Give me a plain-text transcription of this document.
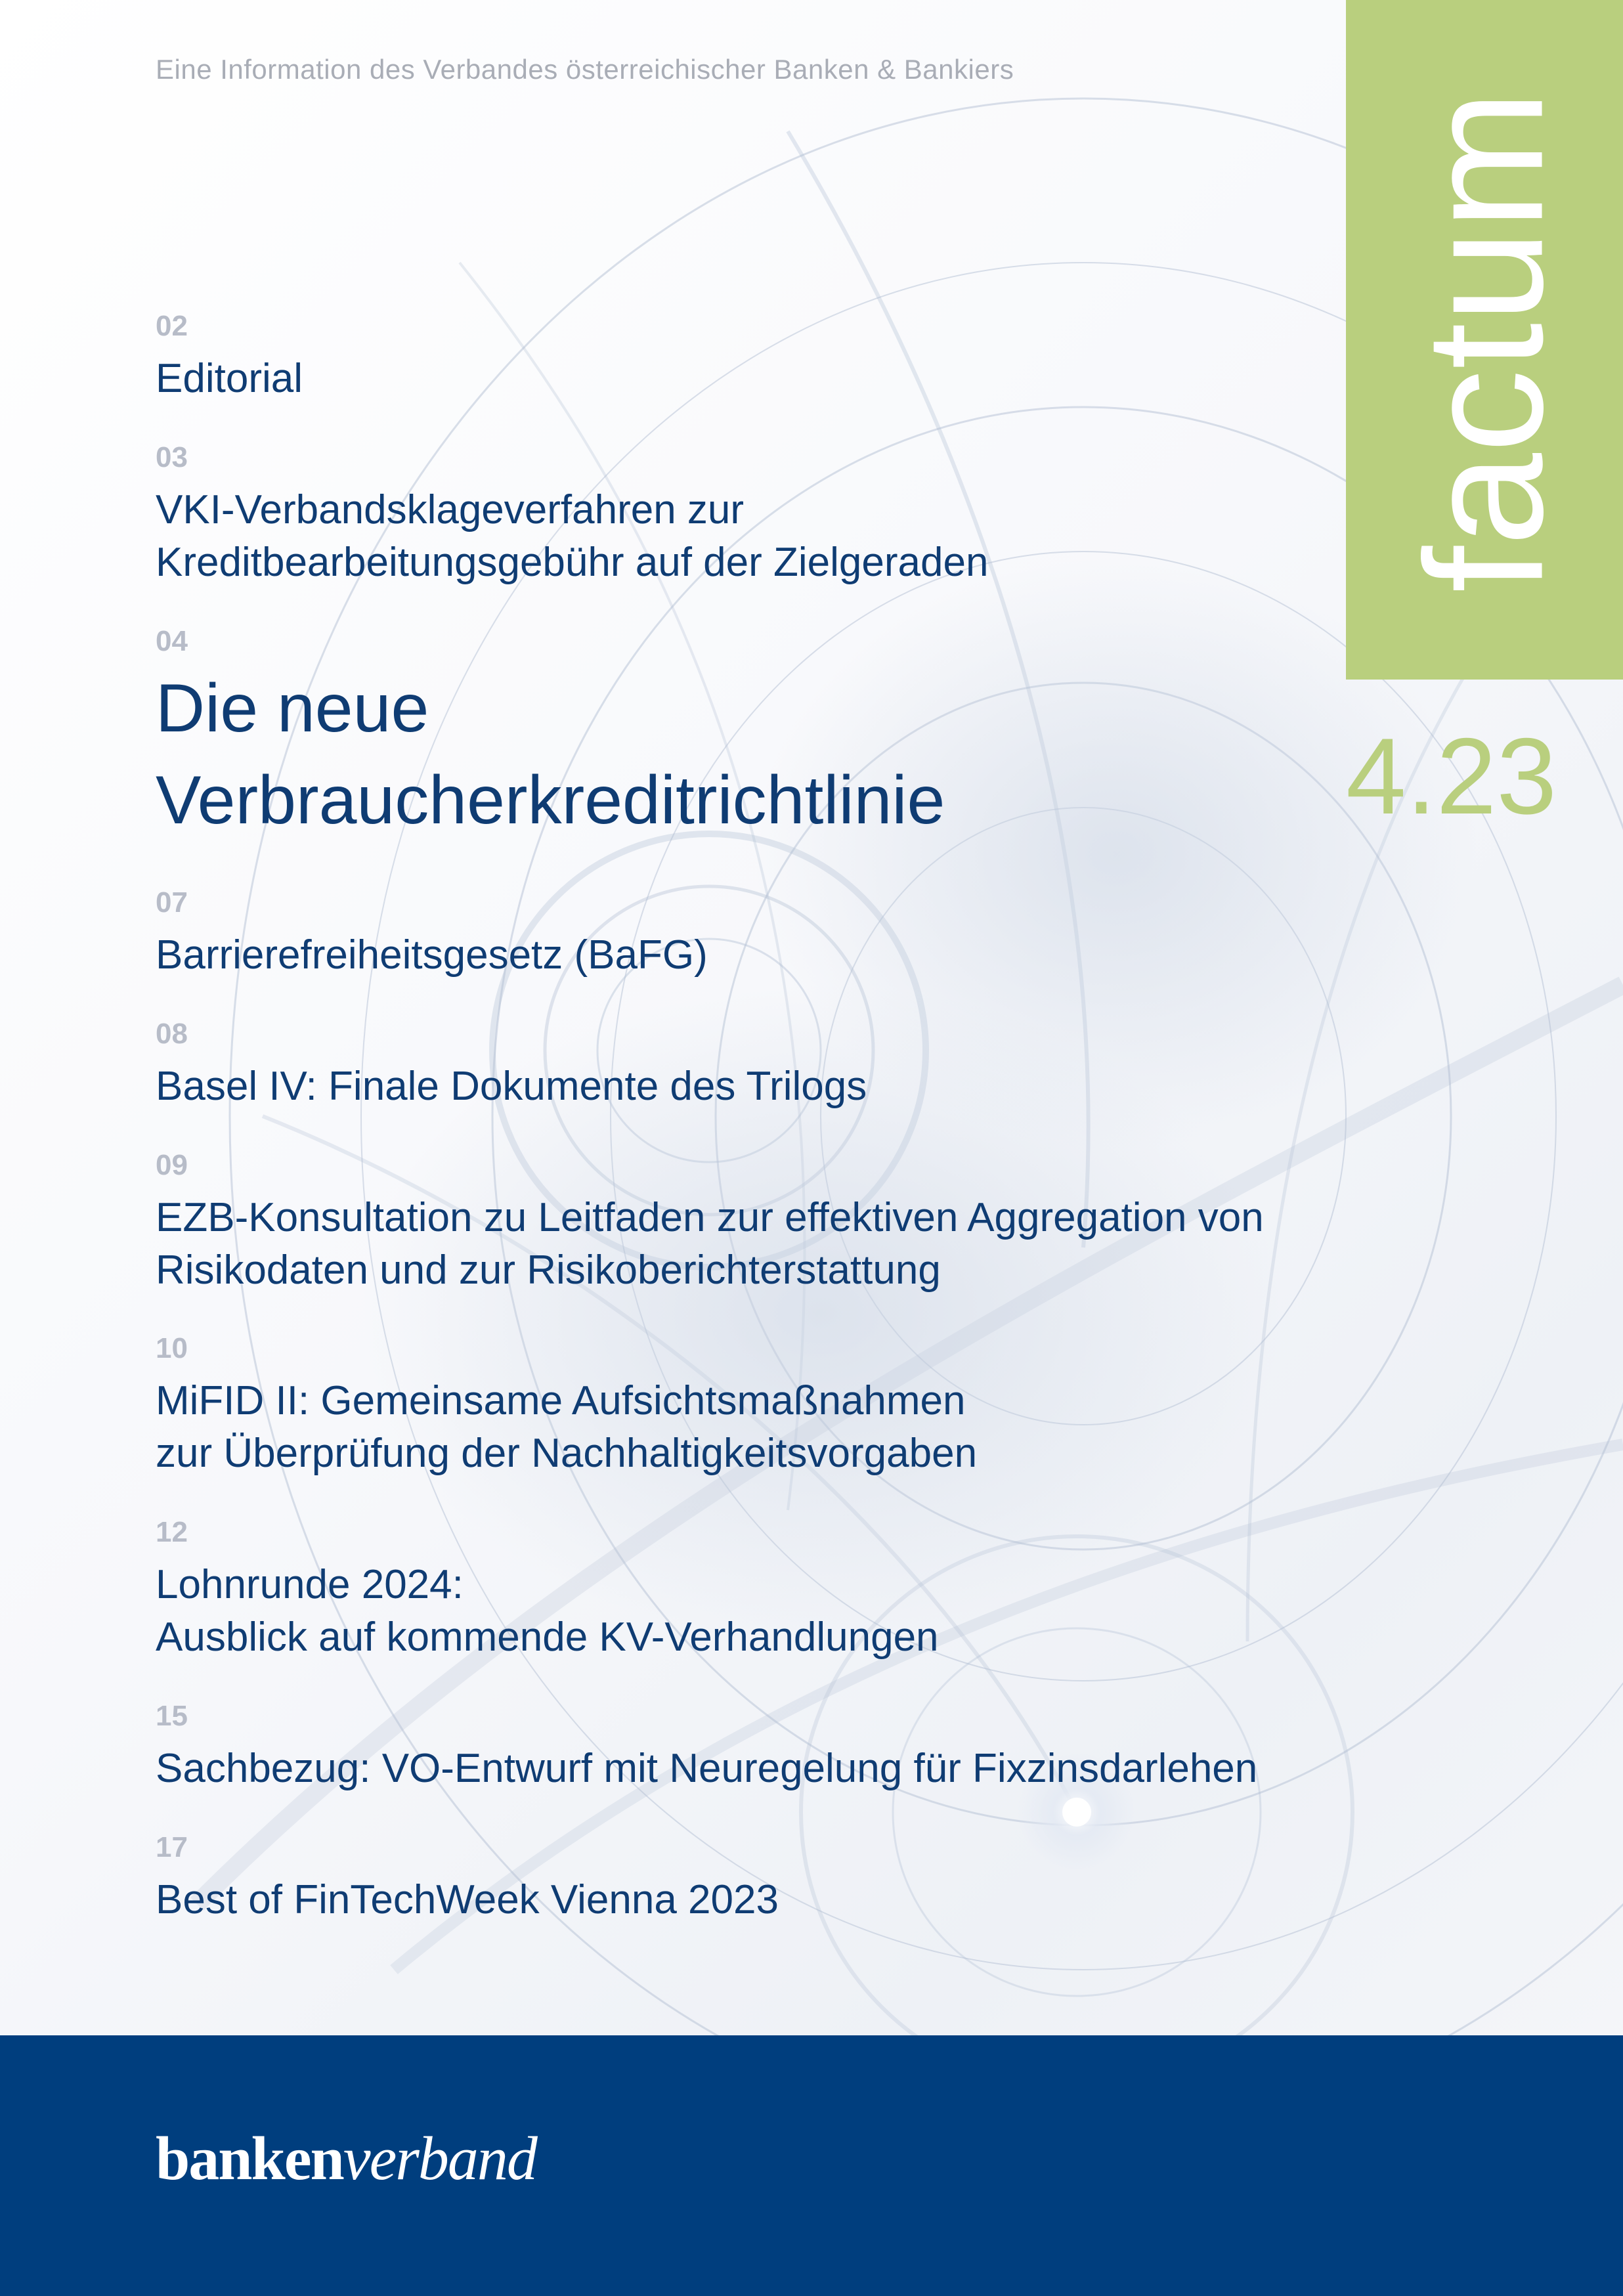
Eine Information des Verbandes österreichischer Banken & Bankiers
factum
4.23
02
Editorial
03
VKI-Verbandsklageverfahren zur
Kreditbearbeitungsgebühr auf der Zielgeraden
04
Die neue
Verbraucherkreditrichtlinie
07
Barrierefreiheitsgesetz (BaFG)
08
Basel IV: Finale Dokumente des Trilogs
09
EZB-Konsultation zu Leitfaden zur effektiven Aggregation von
Risikodaten und zur Risikoberichterstattung
10
MiFID II: Gemeinsame Aufsichtsmaßnahmen
zur Überprüfung der Nachhaltigkeitsvorgaben
12
Lohnrunde 2024:
Ausblick auf kommende KV-Verhandlungen
15
Sachbezug: VO-Entwurf mit Neuregelung für Fixzinsdarlehen
17
Best of FinTechWeek Vienna 2023
bankenverband
